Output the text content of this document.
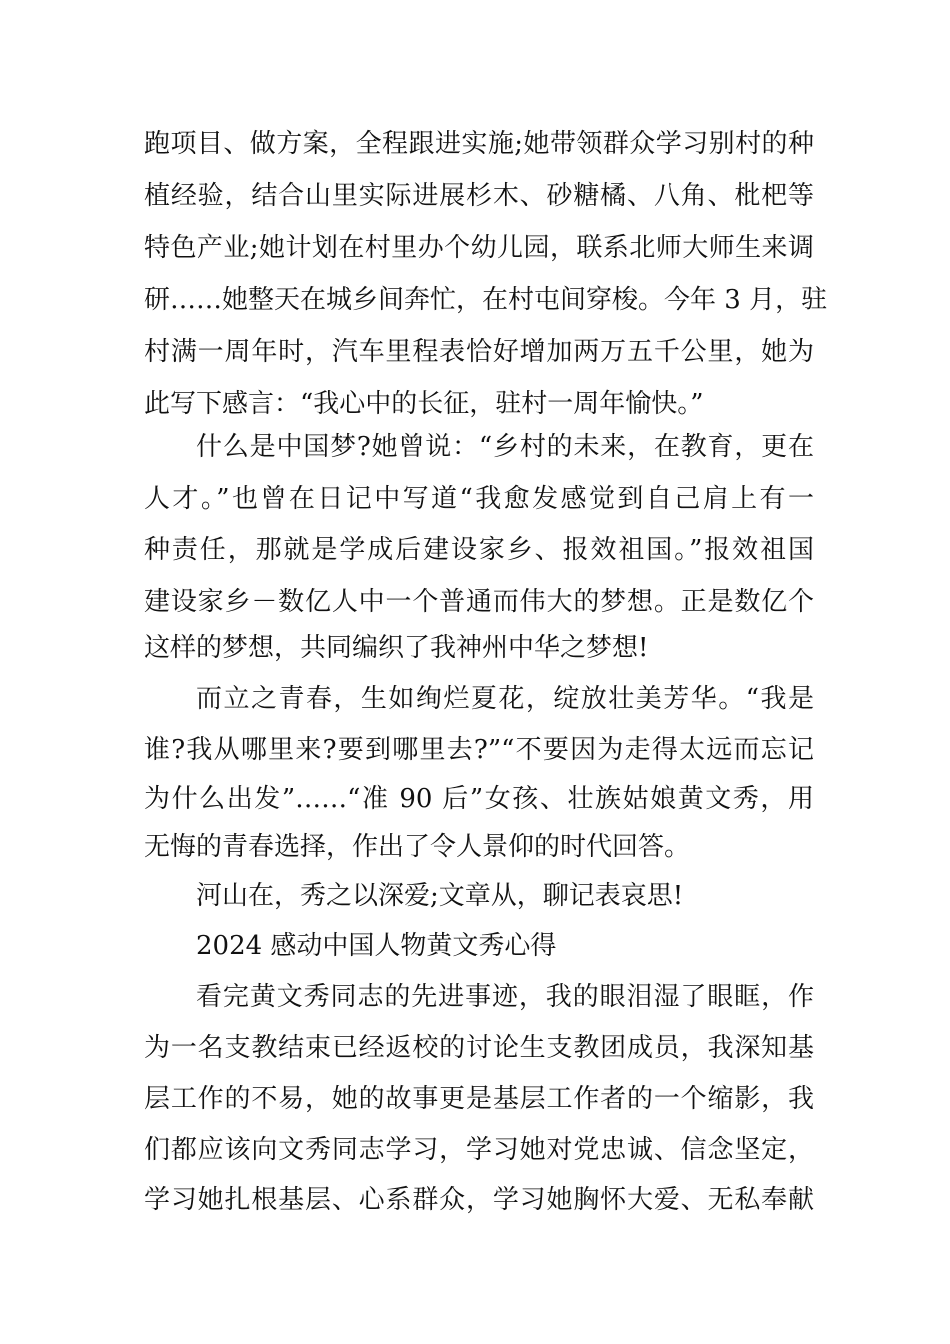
跑项目、做方案，全程跟进实施;她带领群众学习别村的种
植经验，结合山里实际进展杉木、砂糖橘、八角、枇杷等
特色产业;她计划在村里办个幼儿园，联系北师大师生来调
研……她整天在城乡间奔忙，在村屯间穿梭。今年 3 月，驻
村满一周年时，汽车里程表恰好增加两万五千公里，她为
此写下感言：“我心中的长征，驻村一周年愉快。”
什么是中国梦?她曾说：“乡村的未来，在教育，更在
人才。”也曾在日记中写道“我愈发感觉到自己肩上有一
种责任，那就是学成后建设家乡、报效祖国。”报效祖国
建设家乡－数亿人中一个普通而伟大的梦想。正是数亿个
这样的梦想，共同编织了我神州中华之梦想!
而立之青春，生如绚烂夏花，绽放壮美芳华。“我是
谁?我从哪里来?要到哪里去?”“不要因为走得太远而忘记
为什么出发”……“准 90 后”女孩、壮族姑娘黄文秀，用
无悔的青春选择，作出了令人景仰的时代回答。
河山在，秀之以深爱;文章从，聊记表哀思!
2024 感动中国人物黄文秀心得
看完黄文秀同志的先进事迹，我的眼泪湿了眼眶，作
为一名支教结束已经返校的讨论生支教团成员，我深知基
层工作的不易，她的故事更是基层工作者的一个缩影，我
们都应该向文秀同志学习，学习她对党忠诚、信念坚定，
学习她扎根基层、心系群众，学习她胸怀大爱、无私奉献
